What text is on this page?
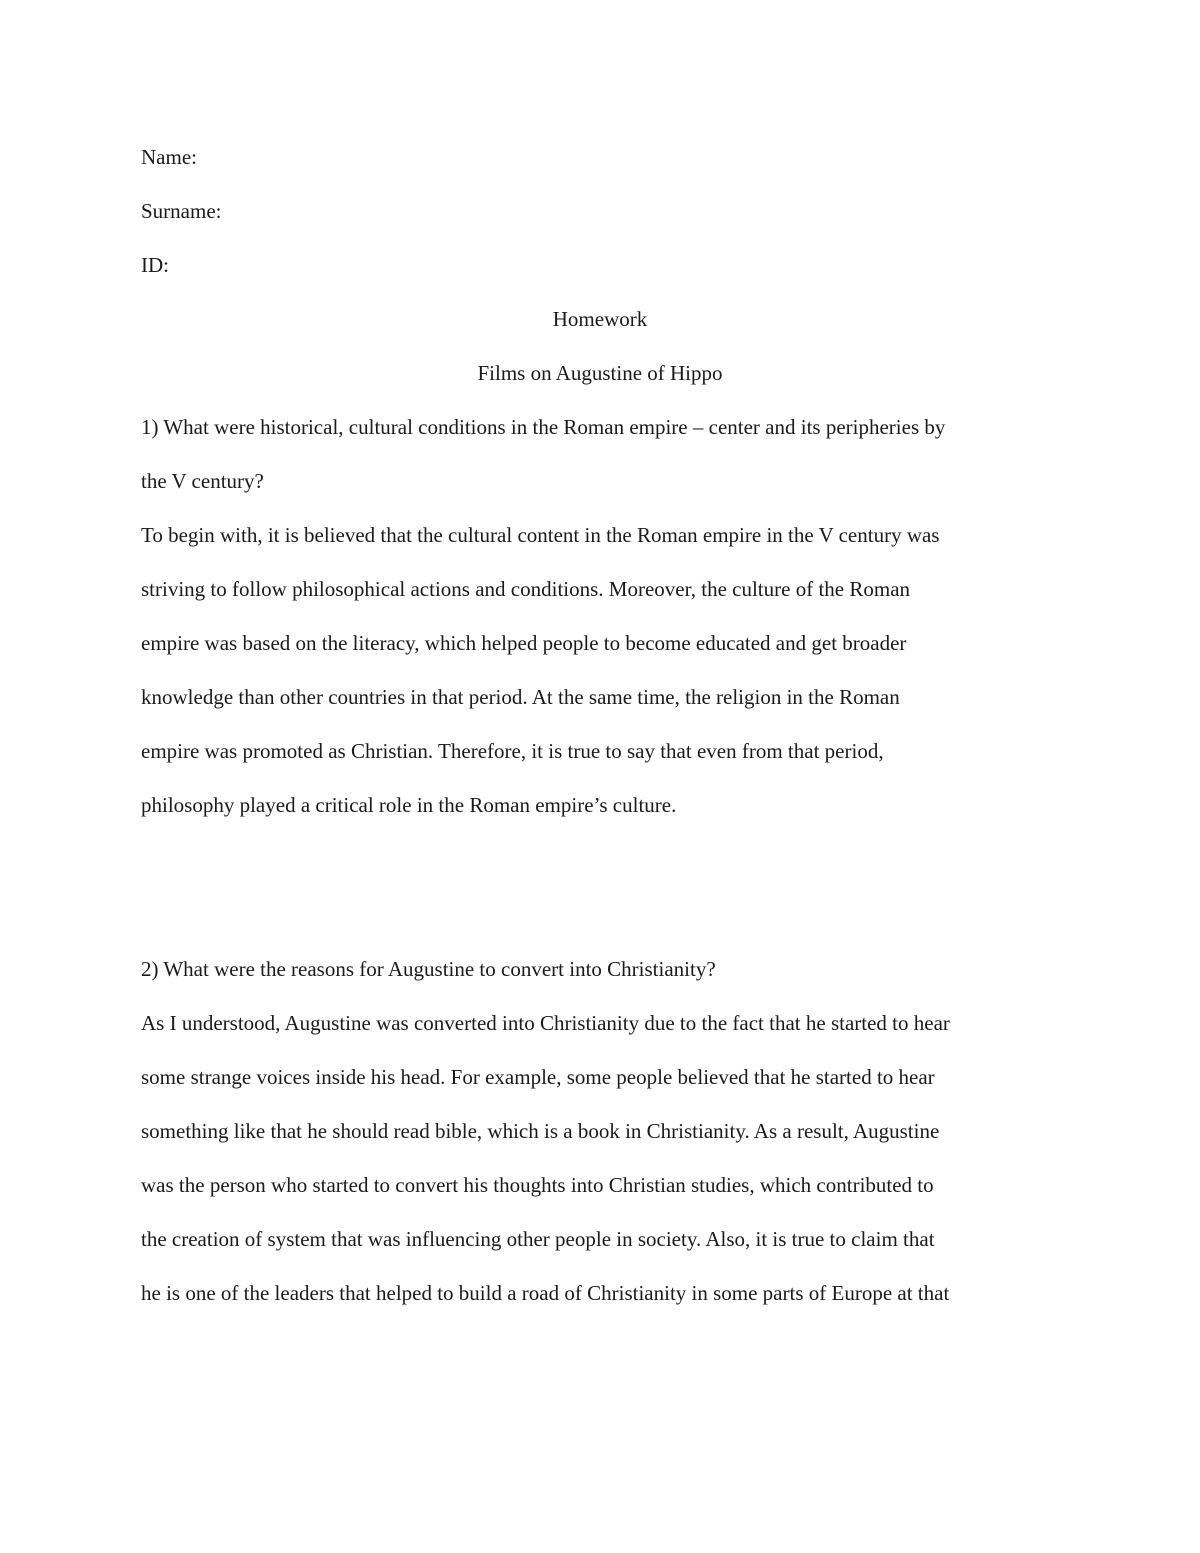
Name:
Surname:
ID:
Homework
Films on Augustine of Hippo
1) What were historical, cultural conditions in the Roman empire – center and its peripheries by
the V century?
To begin with, it is believed that the cultural content in the Roman empire in the V century was
striving to follow philosophical actions and conditions. Moreover, the culture of the Roman
empire was based on the literacy, which helped people to become educated and get broader
knowledge than other countries in that period. At the same time, the religion in the Roman
empire was promoted as Christian. Therefore, it is true to say that even from that period,
philosophy played a critical role in the Roman empire’s culture.
2) What were the reasons for Augustine to convert into Christianity?
As I understood, Augustine was converted into Christianity due to the fact that he started to hear
some strange voices inside his head. For example, some people believed that he started to hear
something like that he should read bible, which is a book in Christianity. As a result, Augustine
was the person who started to convert his thoughts into Christian studies, which contributed to
the creation of system that was influencing other people in society. Also, it is true to claim that
he is one of the leaders that helped to build a road of Christianity in some parts of Europe at that
